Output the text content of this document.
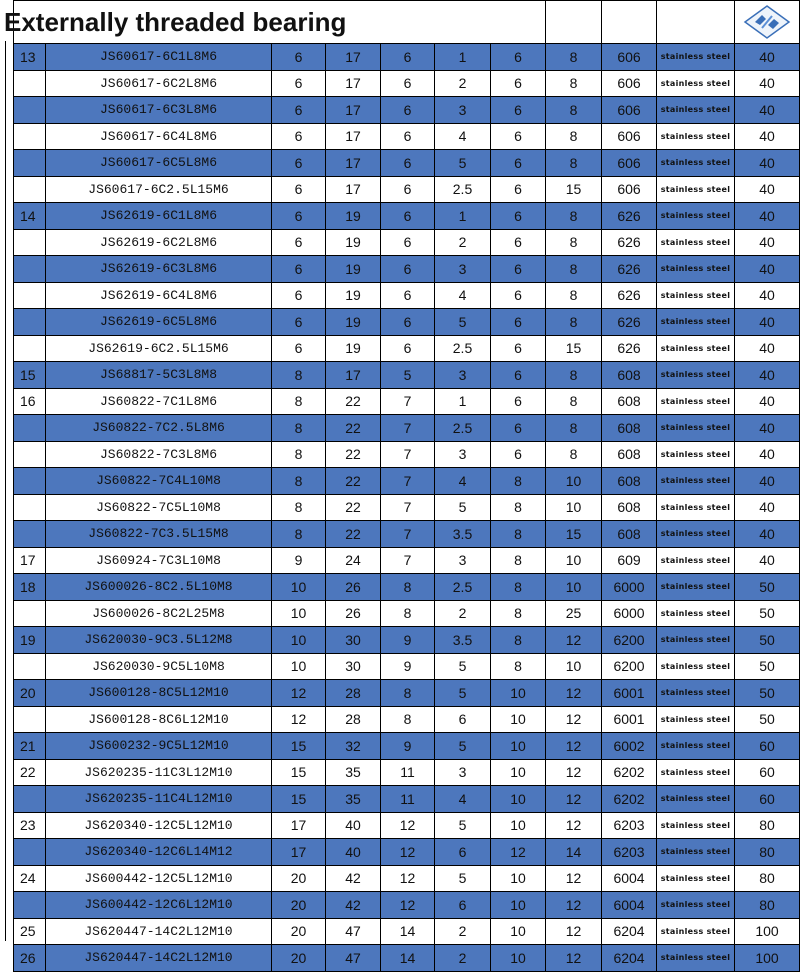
Externally threaded bearing				

13	JS60617-6C1L8M6	6	17	6	1	6	8	606	stainless steel	40
	JS60617-6C2L8M6	6	17	6	2	6	8	606	stainless steel	40
	JS60617-6C3L8M6	6	17	6	3	6	8	606	stainless steel	40
	JS60617-6C4L8M6	6	17	6	4	6	8	606	stainless steel	40
	JS60617-6C5L8M6	6	17	6	5	6	8	606	stainless steel	40
	JS60617-6C2.5L15M6	6	17	6	2.5	6	15	606	stainless steel	40
14	JS62619-6C1L8M6	6	19	6	1	6	8	626	stainless steel	40
	JS62619-6C2L8M6	6	19	6	2	6	8	626	stainless steel	40
	JS62619-6C3L8M6	6	19	6	3	6	8	626	stainless steel	40
	JS62619-6C4L8M6	6	19	6	4	6	8	626	stainless steel	40
	JS62619-6C5L8M6	6	19	6	5	6	8	626	stainless steel	40
	JS62619-6C2.5L15M6	6	19	6	2.5	6	15	626	stainless steel	40
15	JS68817-5C3L8M8	8	17	5	3	6	8	608	stainless steel	40
16	JS60822-7C1L8M6	8	22	7	1	6	8	608	stainless steel	40
	JS60822-7C2.5L8M6	8	22	7	2.5	6	8	608	stainless steel	40
	JS60822-7C3L8M6	8	22	7	3	6	8	608	stainless steel	40
	JS60822-7C4L10M8	8	22	7	4	8	10	608	stainless steel	40
	JS60822-7C5L10M8	8	22	7	5	8	10	608	stainless steel	40
	JS60822-7C3.5L15M8	8	22	7	3.5	8	15	608	stainless steel	40
17	JS60924-7C3L10M8	9	24	7	3	8	10	609	stainless steel	40
18	JS600026-8C2.5L10M8	10	26	8	2.5	8	10	6000	stainless steel	50
	JS600026-8C2L25M8	10	26	8	2	8	25	6000	stainless steel	50
19	JS620030-9C3.5L12M8	10	30	9	3.5	8	12	6200	stainless steel	50
	JS620030-9C5L10M8	10	30	9	5	8	10	6200	stainless steel	50
20	JS600128-8C5L12M10	12	28	8	5	10	12	6001	stainless steel	50
	JS600128-8C6L12M10	12	28	8	6	10	12	6001	stainless steel	50
21	JS600232-9C5L12M10	15	32	9	5	10	12	6002	stainless steel	60
22	JS620235-11C3L12M10	15	35	11	3	10	12	6202	stainless steel	60
	JS620235-11C4L12M10	15	35	11	4	10	12	6202	stainless steel	60
23	JS620340-12C5L12M10	17	40	12	5	10	12	6203	stainless steel	80
	JS620340-12C6L14M12	17	40	12	6	12	14	6203	stainless steel	80
24	JS600442-12C5L12M10	20	42	12	5	10	12	6004	stainless steel	80
	JS600442-12C6L12M10	20	42	12	6	10	12	6004	stainless steel	80
25	JS620447-14C2L12M10	20	47	14	2	10	12	6204	stainless steel	100
26	JS620447-14C2L12M10	20	47	14	2	10	12	6204	stainless steel	100
